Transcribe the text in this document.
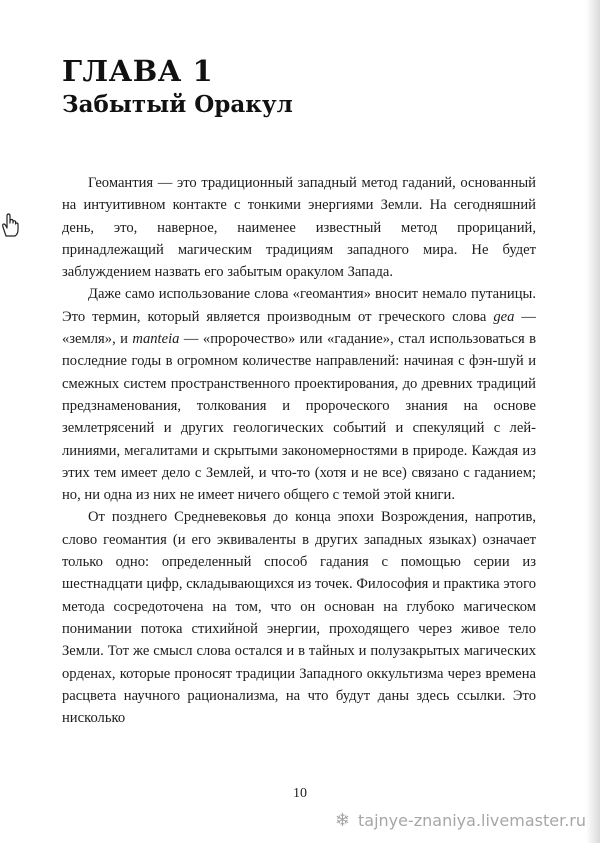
ГЛАВА 1
Забытый Оракул

Геомантия — это традиционный западный метод гаданий, основанный на интуитивном контакте с тонкими энергиями Земли. На сегодняшний день, это, наверное, наименее известный метод прорицаний, принадлежащий магическим традициям западного мира. Не будет заблуждением назвать его забытым оракулом Запада.

Даже само использование слова «геомантия» вносит немало путаницы. Это термин, который является производным от греческого слова gea — «земля», и manteia — «пророчество» или «гадание», стал использоваться в последние годы в огромном количестве направлений: начиная с фэн-шуй и смежных систем пространственного проектирования, до древних традиций предзнаменования, толкования и пророческого знания на основе землетрясений и других геологических событий и спекуляций с лей-линиями, мегалитами и скрытыми закономерностями в природе. Каждая из этих тем имеет дело с Землей, и что-то (хотя и не все) связано с гаданием; но, ни одна из них не имеет ничего общего с темой этой книги.

От позднего Средневековья до конца эпохи Возрождения, напротив, слово геомантия (и его эквиваленты в других западных языках) означает только одно: определенный способ гадания с помощью серии из шестнадцати цифр, складывающихся из точек. Философия и практика этого метода сосредоточена на том, что он основан на глубоко магическом понимании потока стихийной энергии, проходящего через живое тело Земли. Тот же смысл слова остался и в тайных и полузакрытых магических орденах, которые проносят традиции Западного оккультизма через времена расцвета научного рационализма, на что будут даны здесь ссылки. Это нисколько

10
❄ tajnye-znaniya.livemaster.ru
